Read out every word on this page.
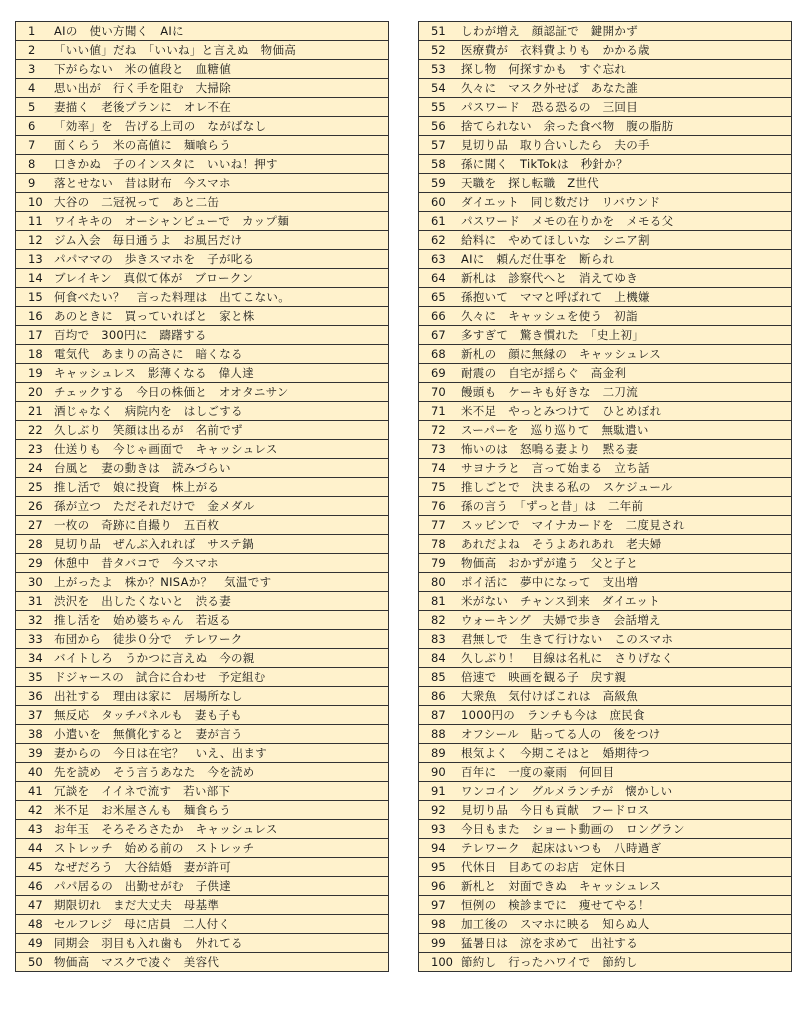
1	AIの　使い方聞く　AIに
2	「いい値」だね　「いいね」と言えぬ　物価高
3	下がらない　米の値段と　血糖値
4	思い出が　行く手を阻む　大掃除
5	妻描く　老後プランに　オレ不在
6	「効率」を　告げる上司の　ながばなし
7	面くらう　米の高値に　麺喰らう
8	口きかぬ　子のインスタに　いいね！押す
9	落とせない　昔は財布　今スマホ
10 大谷の　二冠祝って　あと二缶
11 ワイキキの　オーシャンビューで　カップ麺
12 ジム入会　毎日通うよ　お風呂だけ
13 パパママの　歩きスマホを　子が叱る
14 ブレイキン　真似て体が　ブロークン
15 何食べたい？　言った料理は　出てこない。
16 あのときに　買っていればと　家と株
17 百均で　300円に　躊躇する
18 電気代　あまりの高さに　暗くなる
19 キャッシュレス　影薄くなる　偉人達
20 チェックする　今日の株価と　オオタニサン
21 酒じゃなく　病院内を　はしごする
22 久しぶり　笑顔は出るが　名前でず
23 仕送りも　今じゃ画面で　キャッシュレス
24 台風と　妻の動きは　読みづらい
25 推し活で　娘に投資　株上がる
26 孫が立つ　ただそれだけで　金メダル
27 一枚の　奇跡に自撮り　五百枚
28 見切り品　ぜんぶ入れれば　サステ鍋
29 休憩中　昔タバコで　今スマホ
30 上がったよ　株か？NISAか？　気温です
31 渋沢を　出したくないと　渋る妻
32 推し活を　始め婆ちゃん　若返る
33 布団から　徒歩０分で　テレワーク
34 バイトしろ　うかつに言えぬ　今の親
35 ドジャースの　試合に合わせ　予定組む
36 出社する　理由は家に　居場所なし
37 無反応　タッチパネルも　妻も子も
38 小遣いを　無償化すると　妻が言う
39 妻からの　今日は在宅？　いえ、出ます
40 先を読め　そう言うあなた　今を読め
41 冗談を　イイネで流す　若い部下
42 米不足　お米屋さんも　麺食らう
43 お年玉　そろそろさたか　キャッシュレス
44 ストレッチ　始める前の　ストレッチ
45 なぜだろう　大谷結婚　妻が許可
46 パパ居るの　出勤せがむ　子供達
47 期限切れ　まだ大丈夫　母基準
48 セルフレジ　母に店員　二人付く
49 同期会　羽目も入れ歯も　外れてる
50 物価高　マスクで凌ぐ　美容代
51	しわが増え　顔認証で　鍵開かず
52	医療費が　衣料費よりも　かかる歳
53	探し物　何探すかも　すぐ忘れ
54	久々に　マスク外せば　あなた誰
55	パスワード　恐る恐るの　三回目
56	捨てられない　余った食べ物　腹の脂肪
57	見切り品　取り合いしたら　夫の手
58	孫に聞く　TikTokは　秒針か？
59	天職を　探し転職　Z世代
60	ダイエット　同じ数だけ　リバウンド
61	パスワード　メモの在りかを　メモる父
62	給料に　やめてほしいな　シニア割
63	AIに　頼んだ仕事を　断られ
64	新札は　診察代へと　消えてゆき
65	孫抱いて　ママと呼ばれて　上機嫌
66	久々に　キャッシュを使う　初詣
67	多すぎて　驚き慣れた　「史上初」
68	新札の　顔に無縁の　キャッシュレス
69	耐震の　自宅が揺らぐ　高金利
70	饅頭も　ケーキも好きな　二刀流
71	米不足　やっとみつけて　ひとめぼれ
72	スーパーを　巡り巡りて　無駄遣い
73	怖いのは　怒鳴る妻より　黙る妻
74	サヨナラと　言って始まる　立ち話
75	推しごとで　決まる私の　スケジュール
76	孫の言う　「ずっと昔」は　二年前
77	スッピンで　マイナカードを　二度見され
78	あれだよね　そうよあれあれ　老夫婦
79	物価高　おかずが違う　父と子と
80	ポイ活に　夢中になって　支出増
81	米がない　チャンス到来　ダイエット
82	ウォーキング　夫婦で歩き　会話増え
83	君無しで　生きて行けない　このスマホ
84	久しぶり！　目線は名札に　さりげなく
85	倍速で　映画を観る子　戻す親
86	大衆魚　気付けばこれは　高級魚
87	1000円の　ランチも今は　庶民食
88	オフシール　貼ってる人の　後をつけ
89	根気よく　今期こそはと　婚期待つ
90	百年に　一度の豪雨　何回目
91	ワンコイン　グルメランチが　懐かしい
92	見切り品　今日も貢献　フードロス
93	今日もまた　ショート動画の　ロングラン
94	テレワーク　起床はいつも　八時過ぎ
95	代休日　目あてのお店　定休日
96	新札と　対面できぬ　キャッシュレス
97	恒例の　検診までに　痩せてやる！
98	加工後の　スマホに映る　知らぬ人
99	猛暑日は　涼を求めて　出社する
100 節約し　行ったハワイで　節約し
